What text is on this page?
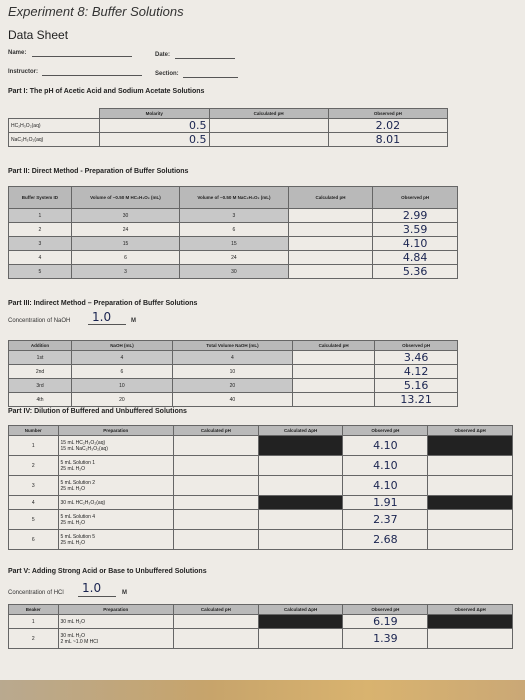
Experiment 8: Buffer Solutions
Data Sheet
Name:	Date:
Instructor:	Section:
Part I: The pH of Acetic Acid and Sodium Acetate Solutions
	Molarity	Calculated pH	Observed pH
HC₂H₃O₂(aq)	0.5		2.02
NaC₂H₃O₂(aq)	0.5		8.01
Part II: Direct Method - Preparation of Buffer Solutions
Buffer System ID	Volume of ~0.50 M HC₂H₃O₂ (mL)	Volume of ~0.50 M NaC₂H₃O₂ (mL)	Calculated pH	Observed pH
1	30	3		2.99
2	24	6		3.59
3	15	15		4.10
4	6	24		4.84
5	3	30		5.36
Part III: Indirect Method – Preparation of Buffer Solutions
Concentration of NaOH 1.0	M
Addition	NaOH (mL)	Total Volume NaOH (mL)	Calculated pH	Observed pH
1st	4	4		3.46
2nd	6	10		4.12
3rd	10	20		5.16
4th	20	40		13.21
Part IV: Dilution of Buffered and Unbuffered Solutions
Number	Preparation	Calculated pH	Calculated ΔpH	Observed pH	Observed ΔpH
1	15 mL HC₂H₃O₂(aq)
15 mL NaC₂H₃O₂(aq)			4.10	
2	5 mL Solution 1
25 mL H₂O			4.10	
3	5 mL Solution 2
25 mL H₂O			4.10	
4	30 mL HC₂H₃O₂(aq)			1.91	
5	5 mL Solution 4
25 mL H₂O			2.37	
6	5 mL Solution 5
25 mL H₂O			2.68	
Part V: Adding Strong Acid or Base to Unbuffered Solutions
Concentration of HCl 1.0	M
Beaker	Preparation	Calculated pH	Calculated ΔpH	Observed pH	Observed ΔpH
1	30 mL H₂O			6.19	
2	30 mL H₂O
2 mL ~1.0 M HCl			1.39	
